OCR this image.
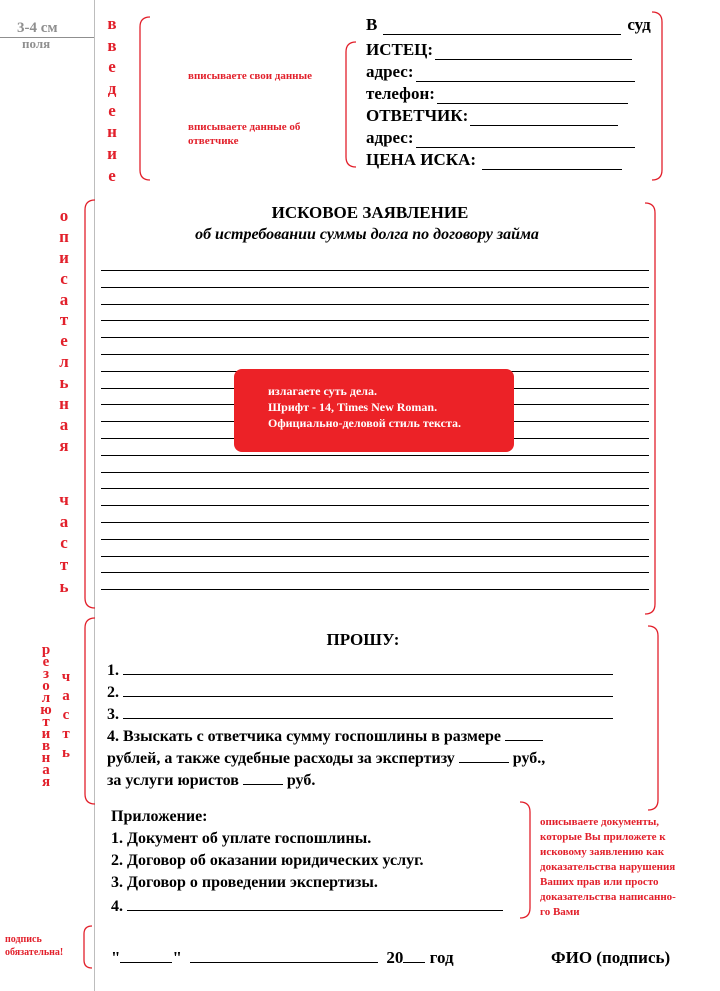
3-4 см
поля
в
в
е
д
е
н
и
е
о
п
и
с
а
т
е
л
ь
н
а
я
ч
а
с
т
ь
р
е
з
о
л
ю
т
и
в
н
а
я
ч
а
с
т
ь
вписываете свои данные
вписываете данные об
ответчике
В	суд
ИСТЕЦ:
адрес:
телефон:
ОТВЕТЧИК:
адрес:
ЦЕНА ИСКА:
ИСКОВОЕ ЗАЯВЛЕНИЕ
об истребовании суммы долга по договору займа
излагаете суть дела.
Шрифт - 14, Times New Roman.
Официально-деловой стиль текста.
ПРОШУ:
1.
2.
3.
4. Взыскать с ответчика сумму госпошлины в размере
рублей, а также судебные расходы за экспертизу	руб.,
за услуги юристов	руб.
Приложение:
1. Документ об уплате госпошлины.
2. Договор об оказании юридических услуг.
3. Договор о проведении экспертизы.
4.
описываете документы,
которые Вы приложете к
исковому заявлению как
доказательства нарушения
Ваших прав или просто
доказательства написанно-
го Вами
подпись
обязательна!	"	"	20 год	ФИО (подпись)
